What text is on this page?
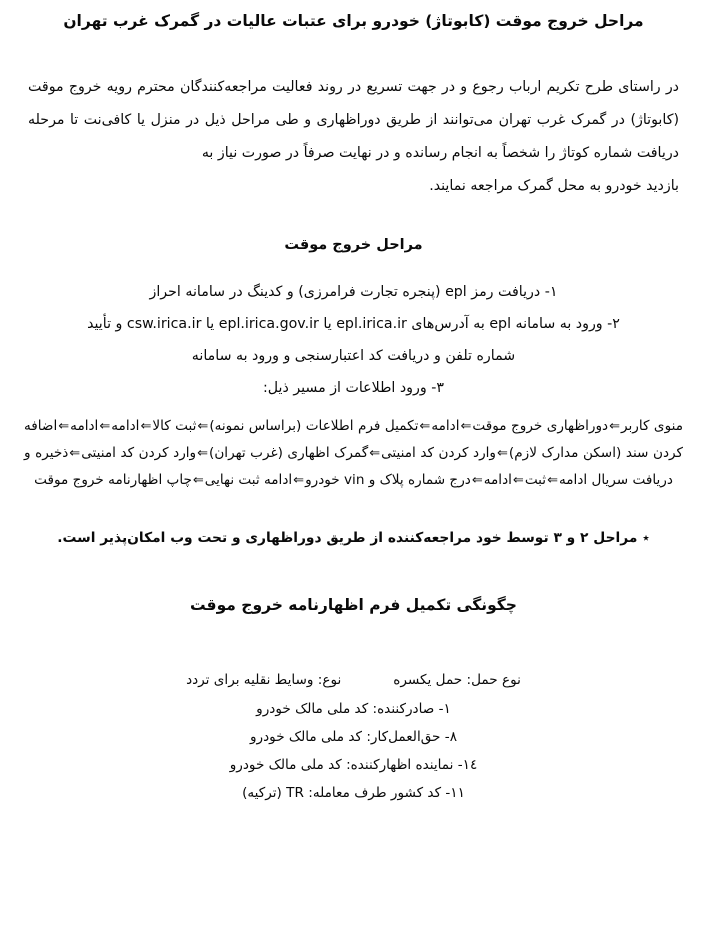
مراحل خروج موقت (کابوتاژ) خودرو برای عتبات عالیات در گمرک غرب تهران
در راستای طرح تکریم ارباب رجوع و در جهت تسریع در روند فعالیت مراجعه‌کنندگان محترم رویه خروج موقت (کابوتاژ) در گمرک غرب تهران می‌توانند از طریق دوراظهاری و طی مراحل ذیل در منزل یا کافی‌نت تا مرحله دریافت شماره کوتاژ را شخصاً به انجام رسانده و در نهایت صرفاً در صورت نیاز به
بازدید خودرو به محل گمرک مراجعه نمایند.
مراحل خروج موقت
۱- دریافت رمز epl (پنجره تجارت فرامرزی) و کدینگ در سامانه احراز
۲- ورود به سامانه epl به آدرس‌های epl.irica.ir یا epl.irica.gov.ir یا csw.irica.ir و تأیید
شماره تلفن و دریافت کد اعتبارسنجی و ورود به سامانه
۳- ورود اطلاعات از مسیر ذیل:
منوی کاربر⇐دوراظهاری خروج موقت⇐ادامه⇐تکمیل فرم اطلاعات (براساس نمونه)⇐ثبت کالا⇐ادامه⇐ادامه⇐اضافه کردن سند (اسکن مدارک لازم)⇐وارد کردن کد امنیتی⇐گمرک اظهاری (غرب تهران)⇐وارد کردن کد امنیتی⇐ذخیره و دریافت سریال ادامه⇐ثبت⇐ادامه⇐درج شماره پلاک و vin خودرو⇐ادامه ثبت نهایی⇐چاپ اظهارنامه خروج موقت

٭ مراحل ۲ و ۳ توسط خود مراجعه‌کننده از طریق دوراظهاری و تحت وب امکان‌پذیر است.

چگونگی تکمیل فرم اظهارنامه خروج موقت
نوع حمل: حمل یکسره
نوع: وسایط نقلیه برای تردد
۱- صادرکننده: کد ملی مالک خودرو
۸- حق‌العمل‌کار: کد ملی مالک خودرو
١٤- نماینده اظهارکننده: کد ملی مالک خودرو
١١- کد کشور طرف معامله: TR (ترکیه)
